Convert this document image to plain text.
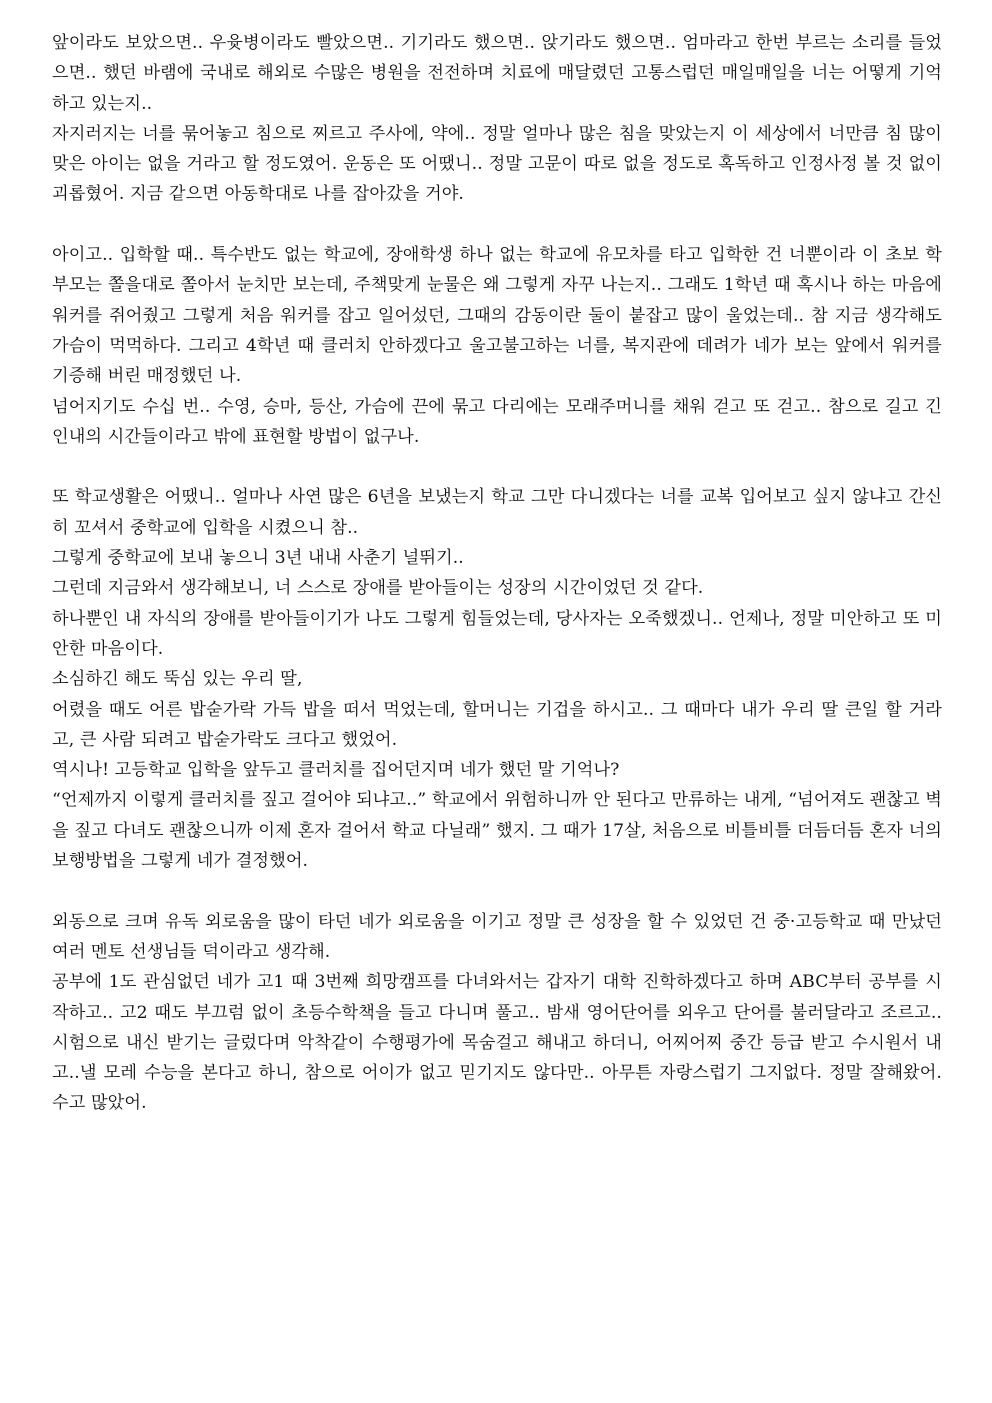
앞이라도 보았으면.. 우윳병이라도 빨았으면.. 기기라도 했으면.. 앉기라도 했으면.. 엄마라고 한번 부르는 소리를 들었으면.. 했던 바램에 국내로 해외로 수많은 병원을 전전하며 치료에 매달렸던 고통스럽던 매일매일을 너는 어떻게 기억하고 있는지..

자지러지는 너를 묶어놓고 침으로 찌르고 주사에, 약에.. 정말 얼마나 많은 침을 맞았는지 이 세상에서 너만큼 침 많이 맞은 아이는 없을 거라고 할 정도였어. 운동은 또 어땠니.. 정말 고문이 따로 없을 정도로 혹독하고 인정사정 볼 것 없이 괴롭혔어. 지금 같으면 아동학대로 나를 잡아갔을 거야.

아이고.. 입학할 때.. 특수반도 없는 학교에, 장애학생 하나 없는 학교에 유모차를 타고 입학한 건 너뿐이라 이 초보 학부모는 쫄을대로 쫄아서 눈치만 보는데, 주책맞게 눈물은 왜 그렇게 자꾸 나는지.. 그래도 1학년 때 혹시나 하는 마음에 워커를 쥐어줬고 그렇게 처음 워커를 잡고 일어섰던, 그때의 감동이란 둘이 붙잡고 많이 울었는데.. 참 지금 생각해도 가슴이 먹먹하다. 그리고 4학년 때 클러치 안하겠다고 울고불고하는 너를, 복지관에 데려가 네가 보는 앞에서 워커를 기증해 버린 매정했던 나.

넘어지기도 수십 번.. 수영, 승마, 등산, 가슴에 끈에 묶고 다리에는 모래주머니를 채워 걷고 또 걷고.. 참으로 길고 긴 인내의 시간들이라고 밖에 표현할 방법이 없구나.

또 학교생활은 어땠니.. 얼마나 사연 많은 6년을 보냈는지 학교 그만 다니겠다는 너를 교복 입어보고 싶지 않냐고 간신히 꼬셔서 중학교에 입학을 시켰으니 참..

그렇게 중학교에 보내 놓으니 3년 내내 사춘기 널뛰기..

그런데 지금와서 생각해보니, 너 스스로 장애를 받아들이는 성장의 시간이었던 것 같다.

하나뿐인 내 자식의 장애를 받아들이기가 나도 그렇게 힘들었는데, 당사자는 오죽했겠니.. 언제나, 정말 미안하고 또 미안한 마음이다.

소심하긴 해도 뚝심 있는 우리 딸,

어렸을 때도 어른 밥숟가락 가득 밥을 떠서 먹었는데, 할머니는 기겁을 하시고.. 그 때마다 내가 우리 딸 큰일 할 거라고, 큰 사람 되려고 밥숟가락도 크다고 했었어.

역시나! 고등학교 입학을 앞두고 클러치를 집어던지며 네가 했던 말 기억나?

“언제까지 이렇게 클러치를 짚고 걸어야 되냐고..” 학교에서 위험하니까 안 된다고 만류하는 내게, “넘어져도 괜찮고 벽을 짚고 다녀도 괜찮으니까 이제 혼자 걸어서 학교 다닐래” 했지. 그 때가 17살, 처음으로 비틀비틀 더듬더듬 혼자 너의 보행방법을 그렇게 네가 결정했어.

외동으로 크며 유독 외로움을 많이 타던 네가 외로움을 이기고 정말 큰 성장을 할 수 있었던 건 중·고등학교 때 만났던 여러 멘토 선생님들 덕이라고 생각해.

공부에 1도 관심없던 네가 고1 때 3번째 희망캠프를 다녀와서는 갑자기 대학 진학하겠다고 하며 ABC부터 공부를 시작하고.. 고2 때도 부끄럼 없이 초등수학책을 들고 다니며 풀고.. 밤새 영어단어를 외우고 단어를 불러달라고 조르고.. 시험으로 내신 받기는 글렀다며 악착같이 수행평가에 목숨걸고 해내고 하더니, 어찌어찌 중간 등급 받고 수시원서 내고..낼 모레 수능을 본다고 하니, 참으로 어이가 없고 믿기지도 않다만.. 아무튼 자랑스럽기 그지없다. 정말 잘해왔어. 수고 많았어.
